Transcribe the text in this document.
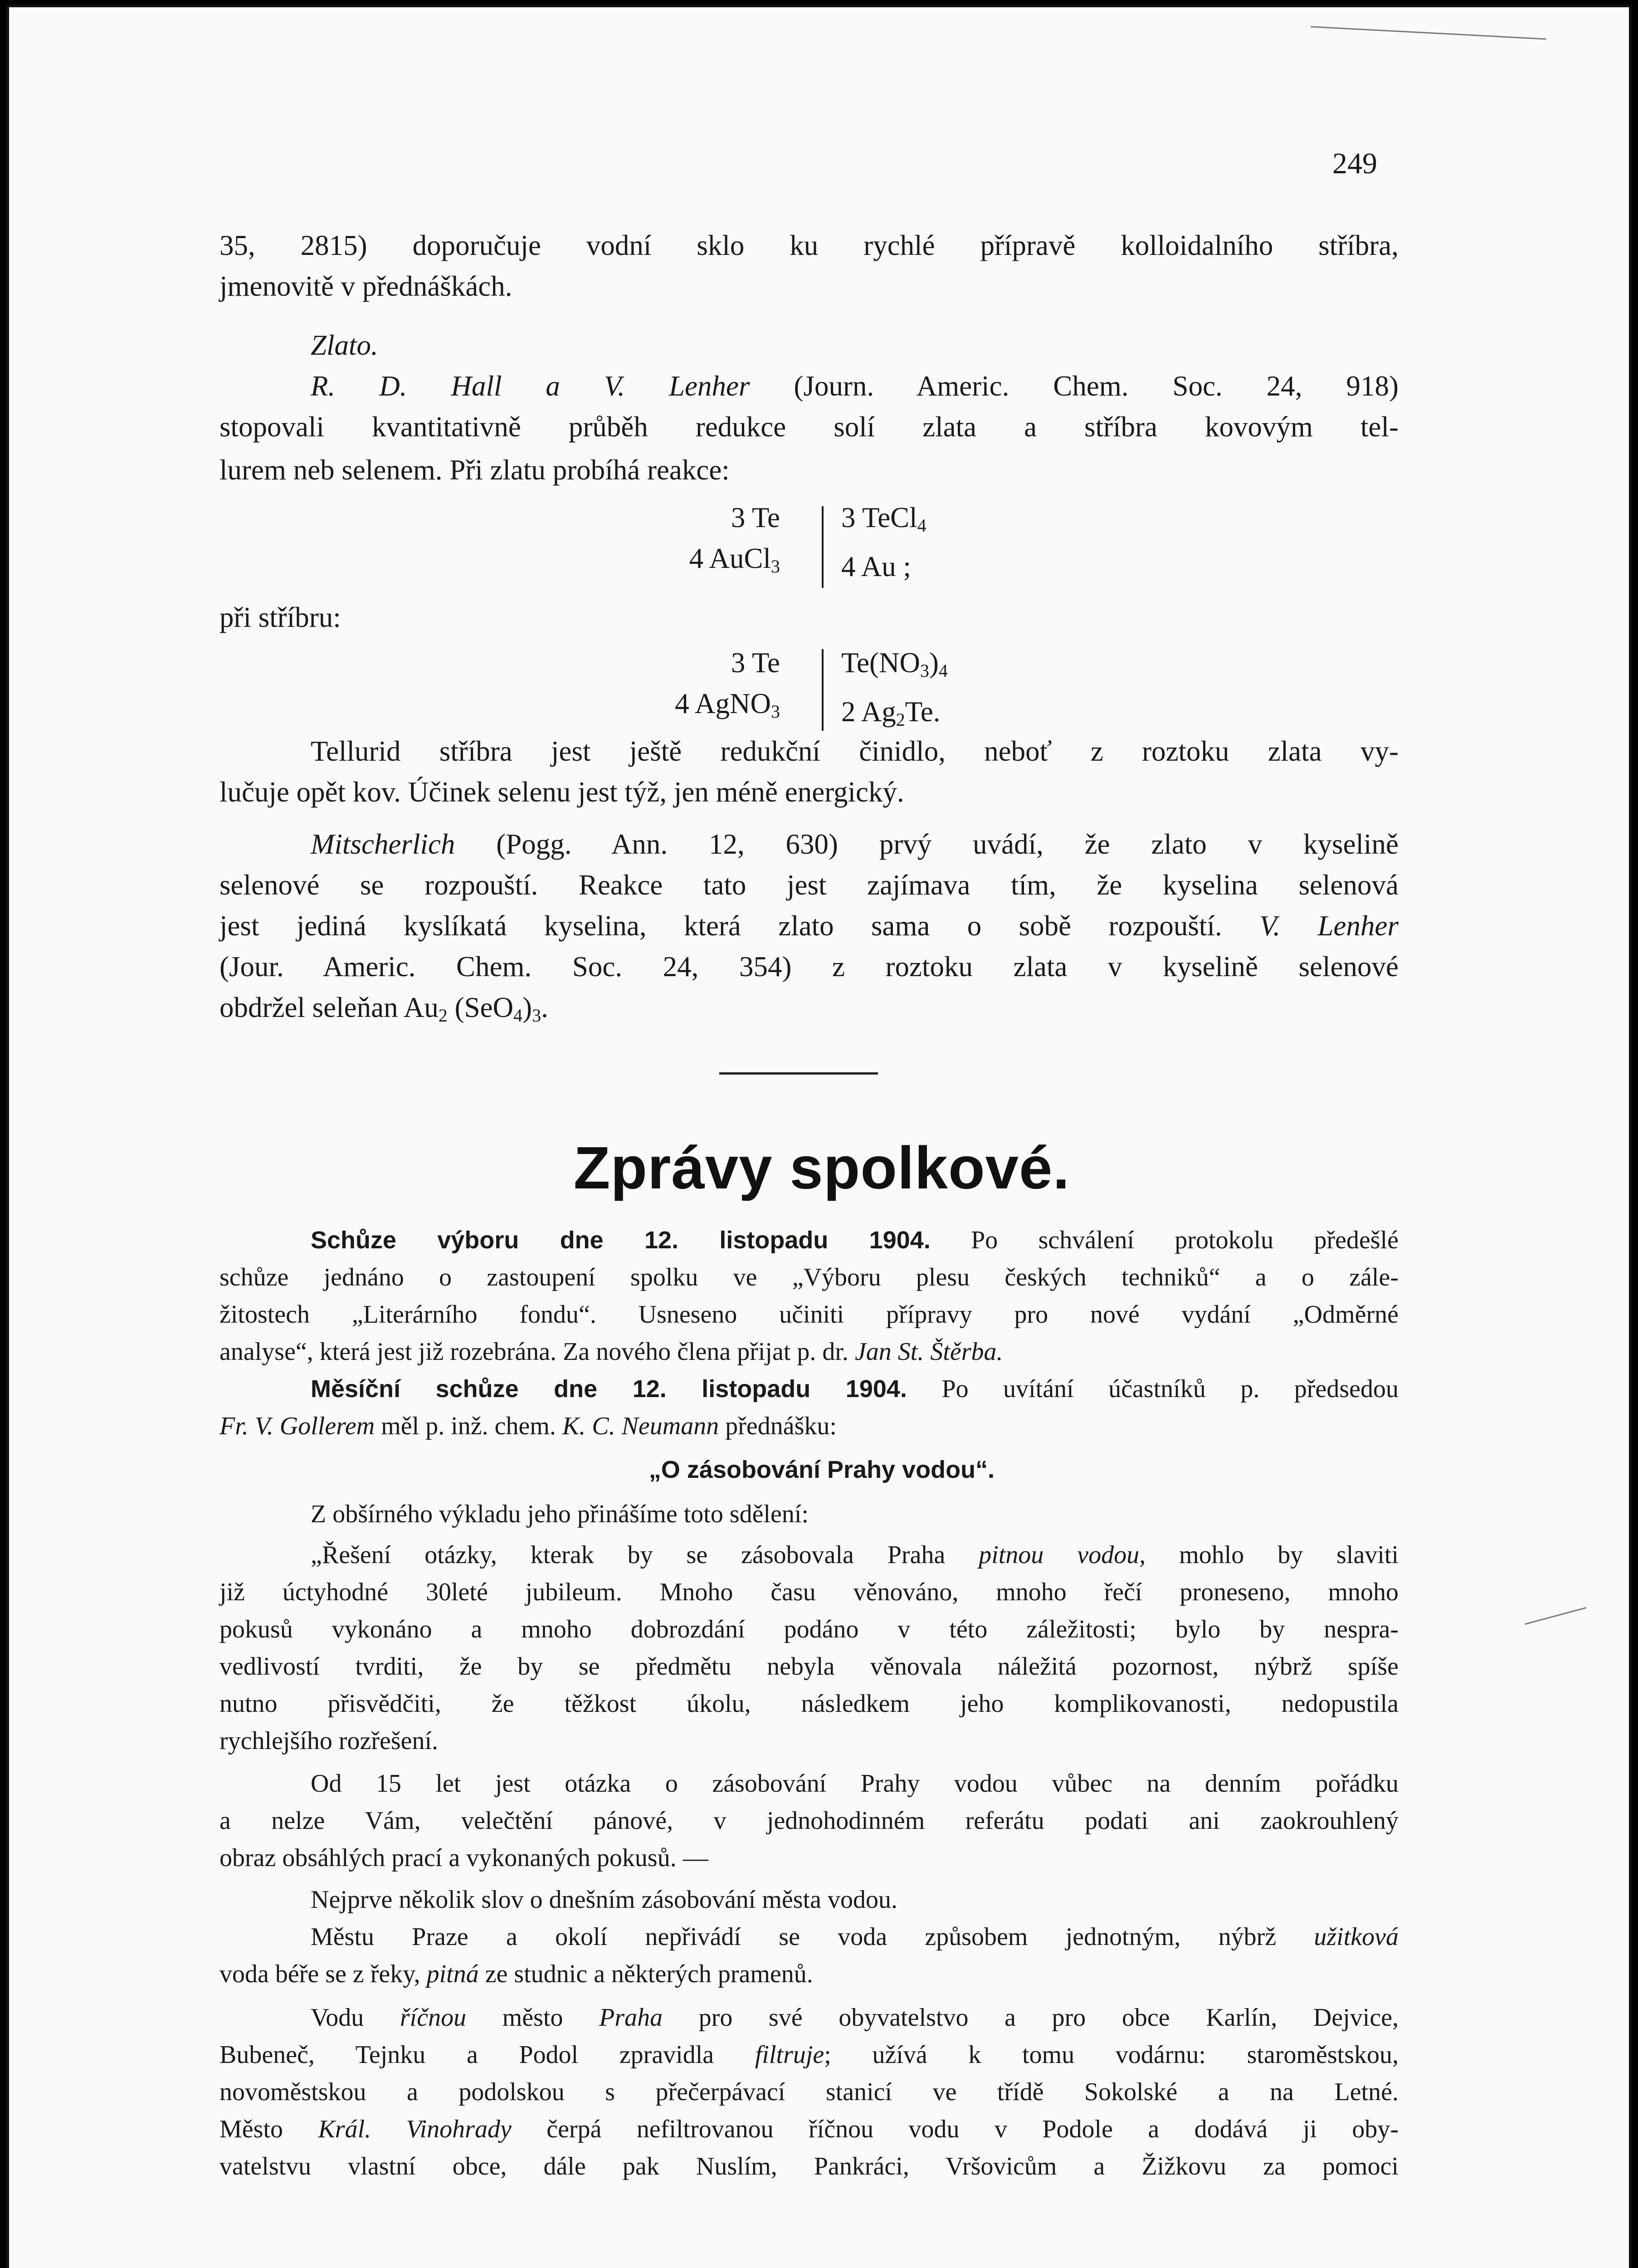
249
35, 2815) doporučuje vodní sklo ku rychlé přípravě kolloidalního stříbra,
jmenovitě v přednáškách.
Zlato.
R. D. Hall a V. Lenher (Journ. Americ. Chem. Soc. 24, 918)
stopovali kvantitativně průběh redukce solí zlata a stříbra kovovým tel-
lurem neb selenem. Při zlatu probíhá reakce:
3 Te
4 AuCl$_3$
3 TeCl$_4$
4 Au ;
při stříbru:
3 Te
4 AgNO$_3$
$Te(NO_3)_4$
2 $Ag_2Te$.
Tellurid stříbra jest ještě redukční činidlo, neboť z roztoku zlata vy-
lučuje opět kov. Účinek selenu jest týž, jen méně energický.
Mitscherlich (Pogg. Ann. 12, 630) prvý uvádí, že zlato v kyselině
selenové se rozpouští. Reakce tato jest zajímava tím, že kyselina selenová
jest jediná kyslíkatá kyselina, která zlato sama o sobě rozpouští. V. Lenher
(Jour. Americ. Chem. Soc. 24, 354) z roztoku zlata v kyselině selenové
obdržel seleňan $Au_2$ $(SeO_4)_3$.
Zprávy spolkové.
Schůze výboru dne 12. listopadu 1904. Po schválení protokolu předešlé
schůze jednáno o zastoupení spolku ve „Výboru plesu českých techniků“ a o zále-
žitostech „Literárního fondu“. Usneseno učiniti přípravy pro nové vydání „Odměrné
analyse“, která jest již rozebrána. Za nového člena přijat p. dr. Jan St. Štěrba.
Měsíční schůze dne 12. listopadu 1904. Po uvítání účastníků p. předsedou
Fr. V. Gollerem měl p. inž. chem. K. C. Neumann přednášku:
„O zásobování Prahy vodou“.
Z obšírného výkladu jeho přinášíme toto sdělení:
„Řešení otázky, kterak by se zásobovala Praha pitnou vodou, mohlo by slaviti
již úctyhodné 30leté jubileum. Mnoho času věnováno, mnoho řečí proneseno, mnoho
pokusů vykonáno a mnoho dobrozdání podáno v této záležitosti; bylo by nespra-
vedlivostí tvrditi, že by se předmětu nebyla věnovala náležitá pozornost, nýbrž spíše
nutno přisvědčiti, že těžkost úkolu, následkem jeho komplikovanosti, nedopustila
rychlejšího rozřešení.
Od 15 let jest otázka o zásobování Prahy vodou vůbec na denním pořádku
a nelze Vám, velečtění pánové, v jednohodinném referátu podati ani zaokrouhlený
obraz obsáhlých prací a vykonaných pokusů. —
Nejprve několik slov o dnešním zásobování města vodou.
Městu Praze a okolí nepřivádí se voda způsobem jednotným, nýbrž užitková
voda béře se z řeky, pitná ze studnic a některých pramenů.
Vodu říčnou město Praha pro své obyvatelstvo a pro obce Karlín, Dejvice,
Bubeneč, Tejnku a Podol zpravidla filtruje; užívá k tomu vodárnu: staroměstskou,
novoměstskou a podolskou s přečerpávací stanicí ve třídě Sokolské a na Letné.
Město Král. Vinohrady čerpá nefiltrovanou říčnou vodu v Podole a dodává ji oby-
vatelstvu vlastní obce, dále pak Nuslím, Pankráci, Vršovicům a Žižkovu za pomoci
